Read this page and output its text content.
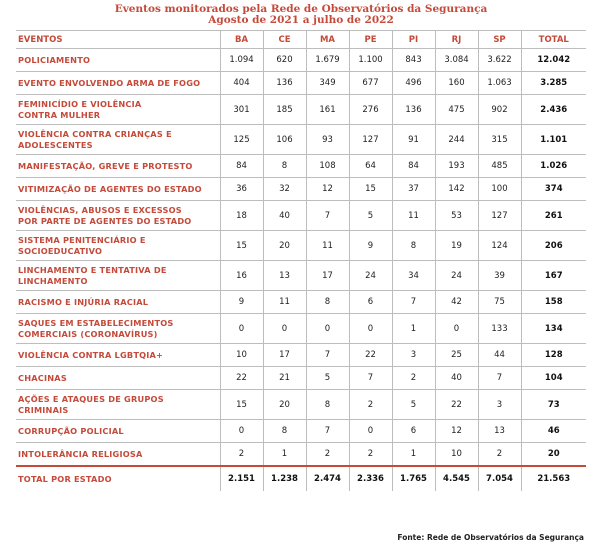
Eventos monitorados pela Rede de Observatórios da Segurança
Agosto de 2021 a julho de 2022
EVENTOS	BA	CE	MA	PE	PI	RJ	SP	TOTAL
POLICIAMENTO	1.094	620	1.679	1.100	843	3.084	3.622	12.042
EVENTO ENVOLVENDO ARMA DE FOGO	404	136	349	677	496	160	1.063	3.285
FEMINICÍDIO E VIOLÊNCIA
CONTRA MULHER	301	185	161	276	136	475	902	2.436
VIOLÊNCIA CONTRA CRIANÇAS E
ADOLESCENTES	125	106	93	127	91	244	315	1.101
MANIFESTAÇÃO, GREVE E PROTESTO	84	8	108	64	84	193	485	1.026
VITIMIZAÇÃO DE AGENTES DO ESTADO	36	32	12	15	37	142	100	374
VIOLÊNCIAS, ABUSOS E EXCESSOS
POR PARTE DE AGENTES DO ESTADO	18	40	7	5	11	53	127	261
SISTEMA PENITENCIÁRIO E
SOCIOEDUCATIVO	15	20	11	9	8	19	124	206
LINCHAMENTO E TENTATIVA DE
LINCHAMENTO	16	13	17	24	34	24	39	167
RACISMO E INJÚRIA RACIAL	9	11	8	6	7	42	75	158
SAQUES EM ESTABELECIMENTOS
COMERCIAIS (CORONAVÍRUS)	0	0	0	0	1	0	133	134
VIOLÊNCIA CONTRA LGBTQIA+	10	17	7	22	3	25	44	128
CHACINAS	22	21	5	7	2	40	7	104
AÇÕES E ATAQUES DE GRUPOS
CRIMINAIS	15	20	8	2	5	22	3	73
CORRUPÇÃO POLICIAL	0	8	7	0	6	12	13	46
INTOLERÂNCIA RELIGIOSA	2	1	2	2	1	10	2	20
TOTAL POR ESTADO	2.151	1.238	2.474	2.336	1.765	4.545	7.054	21.563
Fonte: Rede de Observatórios da Segurança
